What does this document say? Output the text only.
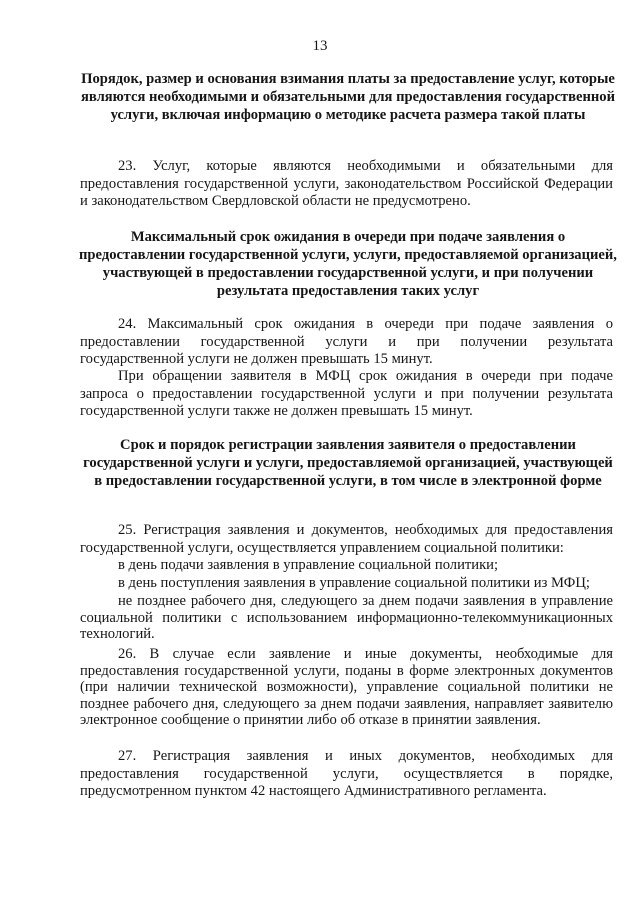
13
Порядок, размер и основания взимания платы за предоставление услуг, которые являются необходимыми и обязательными для предоставления государственной услуги, включая информацию о методике расчета размера такой платы
23. Услуг, которые являются необходимыми и обязательными для предоставления государственной услуги, законодательством Российской Федерации и законодательством Свердловской области не предусмотрено.
Максимальный срок ожидания в очереди при подаче заявления о предоставлении государственной услуги, услуги, предоставляемой организацией, участвующей в предоставлении государственной услуги, и при получении результата предоставления таких услуг
24. Максимальный срок ожидания в очереди при подаче заявления о предоставлении государственной услуги и при получении результата государственной услуги не должен превышать 15 минут.
При обращении заявителя в МФЦ срок ожидания в очереди при подаче запроса о предоставлении государственной услуги и при получении результата государственной услуги также не должен превышать 15 минут.
Срок и порядок регистрации заявления заявителя о предоставлении государственной услуги и услуги, предоставляемой организацией, участвующей в предоставлении государственной услуги, в том числе в электронной форме
25. Регистрация заявления и документов, необходимых для предоставления государственной услуги, осуществляется управлением социальной политики:
в день подачи заявления в управление социальной политики;
в день поступления заявления в управление социальной политики из МФЦ;
не позднее рабочего дня, следующего за днем подачи заявления в управление социальной политики с использованием информационно-телекоммуникационных технологий.
26. В случае если заявление и иные документы, необходимые для предоставления государственной услуги, поданы в форме электронных документов (при наличии технической возможности), управление социальной политики не позднее рабочего дня, следующего за днем подачи заявления, направляет заявителю электронное сообщение о принятии либо об отказе в принятии заявления.
27. Регистрация заявления и иных документов, необходимых для предоставления государственной услуги, осуществляется в порядке, предусмотренном пунктом 42 настоящего Административного регламента.
